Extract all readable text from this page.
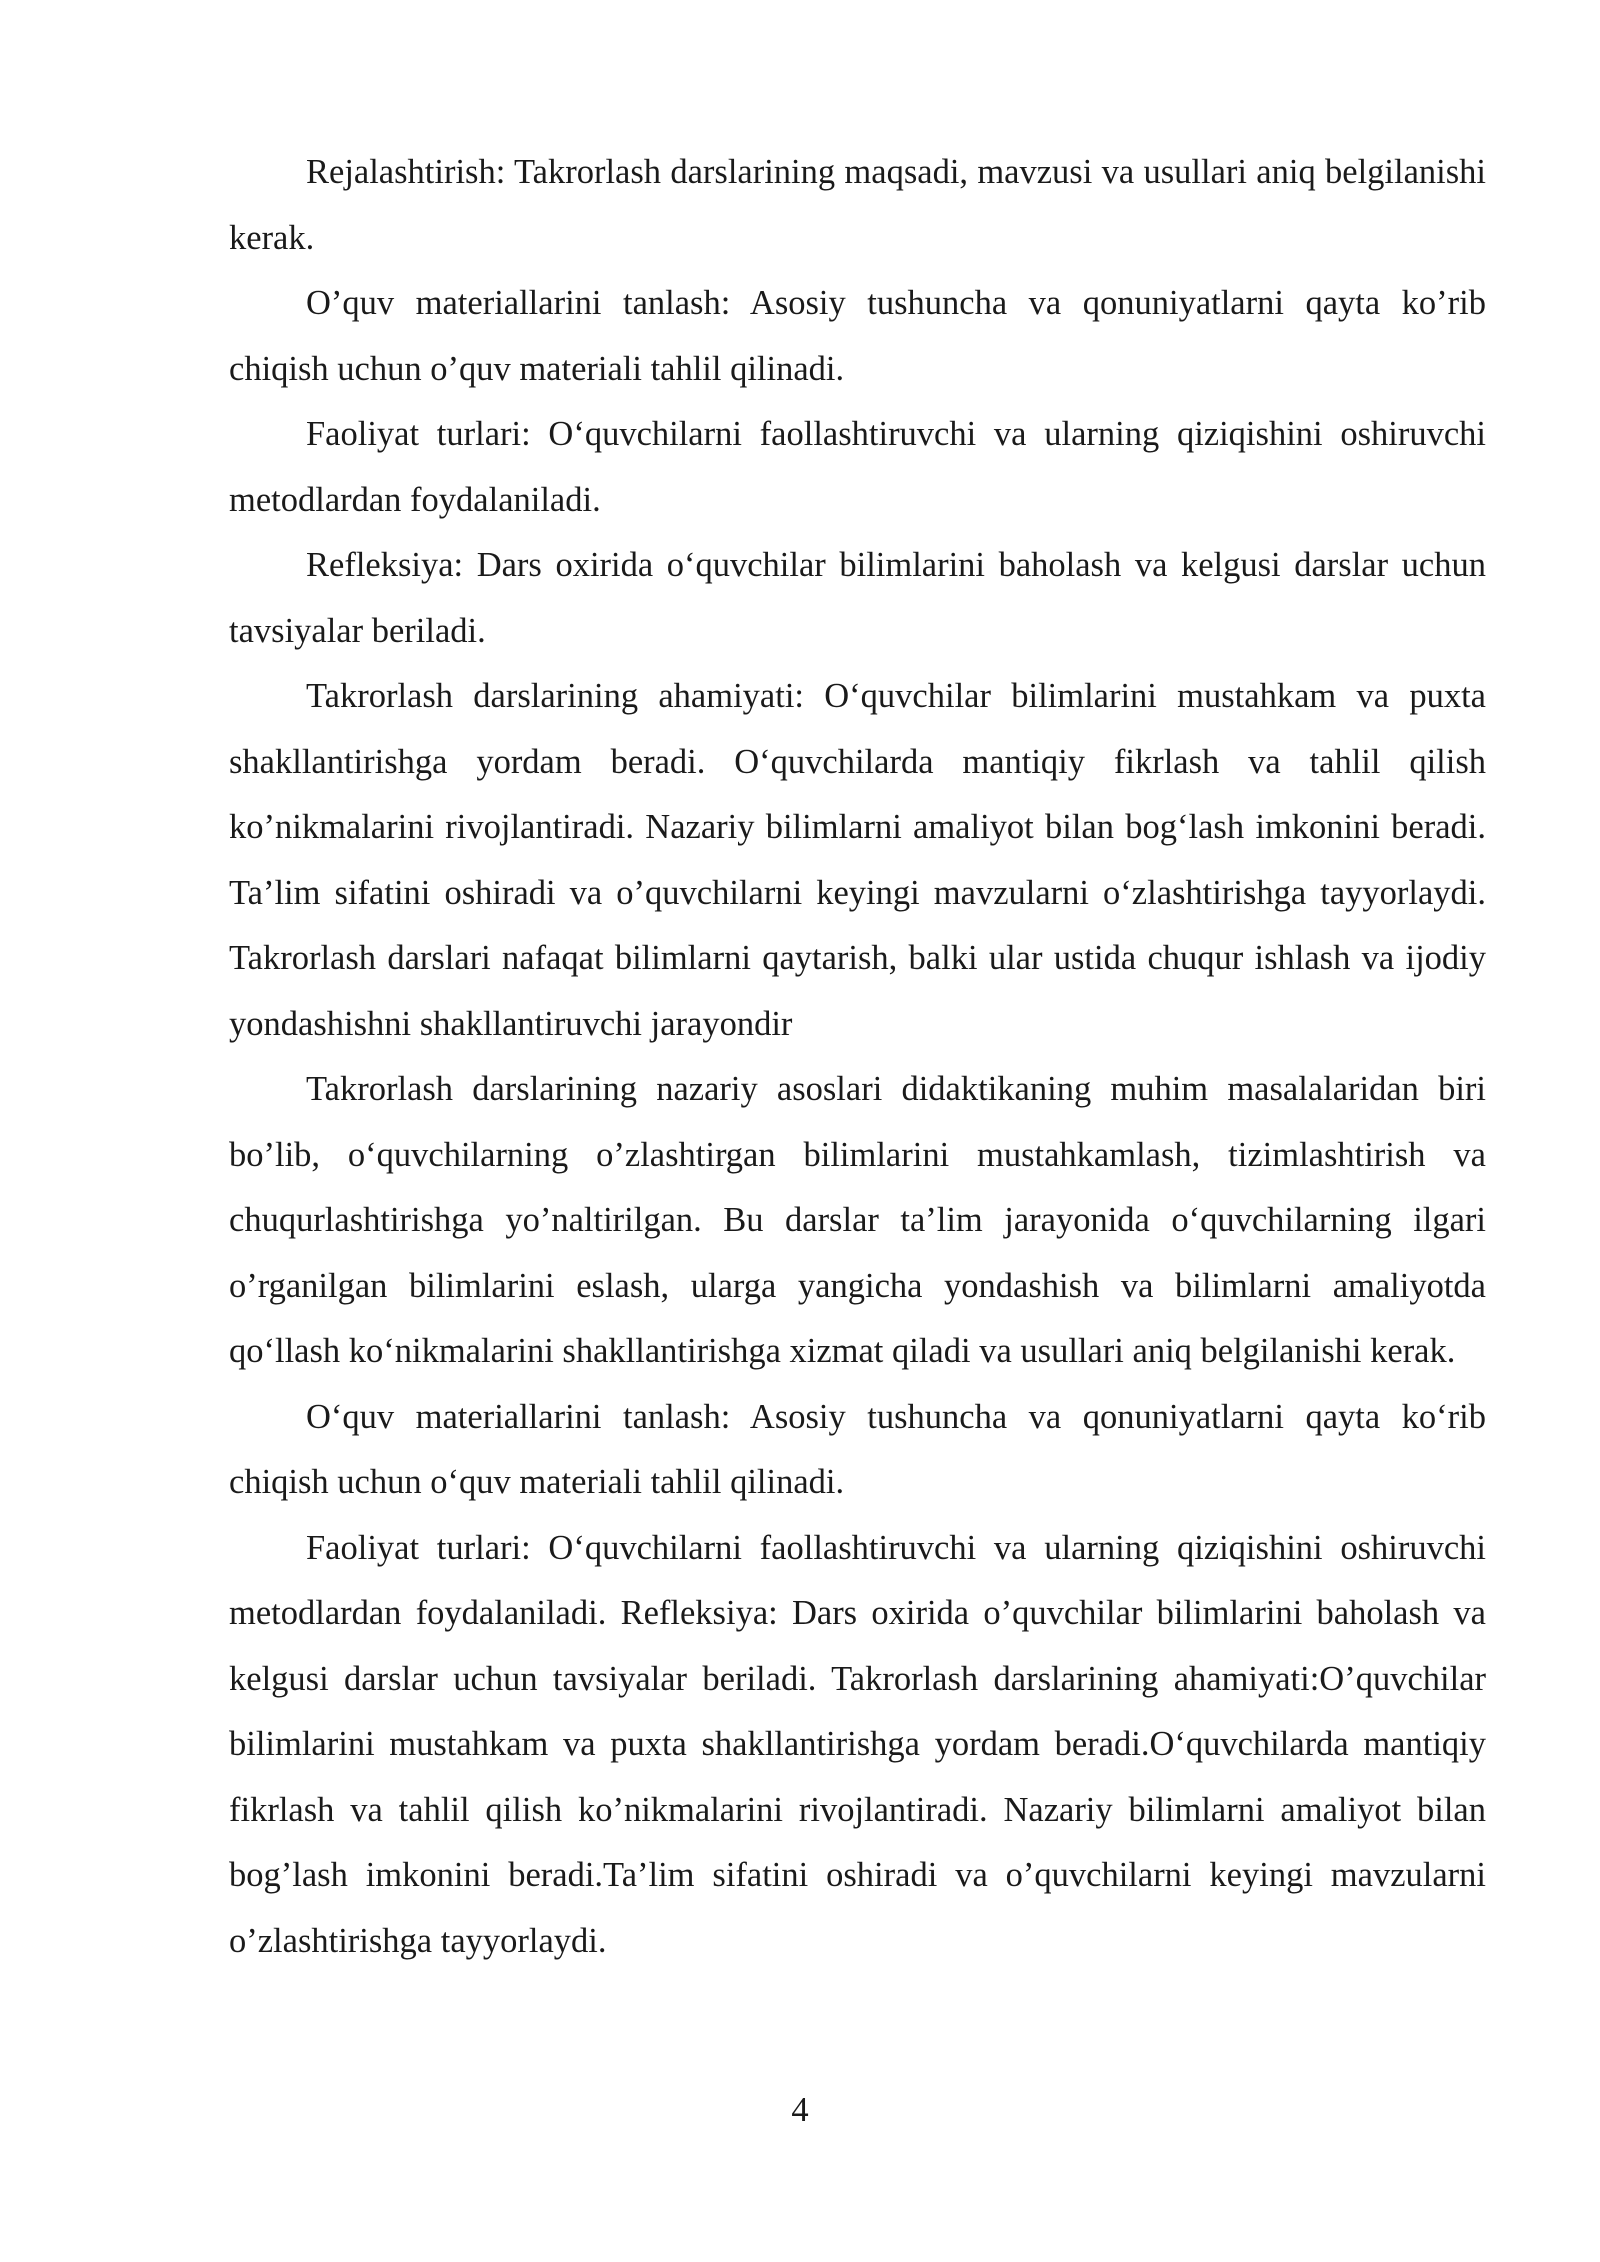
Rejalashtirish: Takrorlash darslarining maqsadi, mavzusi va usullari aniq belgilanishi kerak.

O’quv materiallarini tanlash: Asosiy tushuncha va qonuniyatlarni qayta ko’rib chiqish uchun o’quv materiali tahlil qilinadi.

Faoliyat turlari: O‘quvchilarni faollashtiruvchi va ularning qiziqishini oshiruvchi metodlardan foydalaniladi.

Refleksiya: Dars oxirida o‘quvchilar bilimlarini baholash va kelgusi darslar uchun tavsiyalar beriladi.

Takrorlash darslarining ahamiyati: O‘quvchilar bilimlarini mustahkam va puxta shakllantirishga yordam beradi. O‘quvchilarda mantiqiy fikrlash va tahlil qilish ko’nikmalarini rivojlantiradi. Nazariy bilimlarni amaliyot bilan bog‘lash imkonini beradi. Ta’lim sifatini oshiradi va o’quvchilarni keyingi mavzularni o‘zlashtirishga tayyorlaydi. Takrorlash darslari nafaqat bilimlarni qaytarish, balki ular ustida chuqur ishlash va ijodiy yondashishni shakllantiruvchi jarayondir

Takrorlash darslarining nazariy asoslari didaktikaning muhim masalalaridan biri bo’lib, o‘quvchilarning o’zlashtirgan bilimlarini mustahkamlash, tizimlashtirish va chuqurlashtirishga yo’naltirilgan. Bu darslar ta’lim jarayonida o‘quvchilarning ilgari o’rganilgan bilimlarini eslash, ularga yangicha yondashish va bilimlarni amaliyotda qo‘llash ko‘nikmalarini shakllantirishga xizmat qiladi va usullari aniq belgilanishi kerak.

O‘quv materiallarini tanlash: Asosiy tushuncha va qonuniyatlarni qayta ko‘rib chiqish uchun o‘quv materiali tahlil qilinadi.

Faoliyat turlari: O‘quvchilarni faollashtiruvchi va ularning qiziqishini oshiruvchi metodlardan foydalaniladi. Refleksiya: Dars oxirida o’quvchilar bilimlarini baholash va kelgusi darslar uchun tavsiyalar beriladi. Takrorlash darslarining ahamiyati:O’quvchilar bilimlarini mustahkam va puxta shakllantirishga yordam beradi.O‘quvchilarda mantiqiy fikrlash va tahlil qilish ko’nikmalarini rivojlantiradi. Nazariy bilimlarni amaliyot bilan bog’lash imkonini beradi.Ta’lim sifatini oshiradi va o’quvchilarni keyingi mavzularni o’zlashtirishga tayyorlaydi.

4
